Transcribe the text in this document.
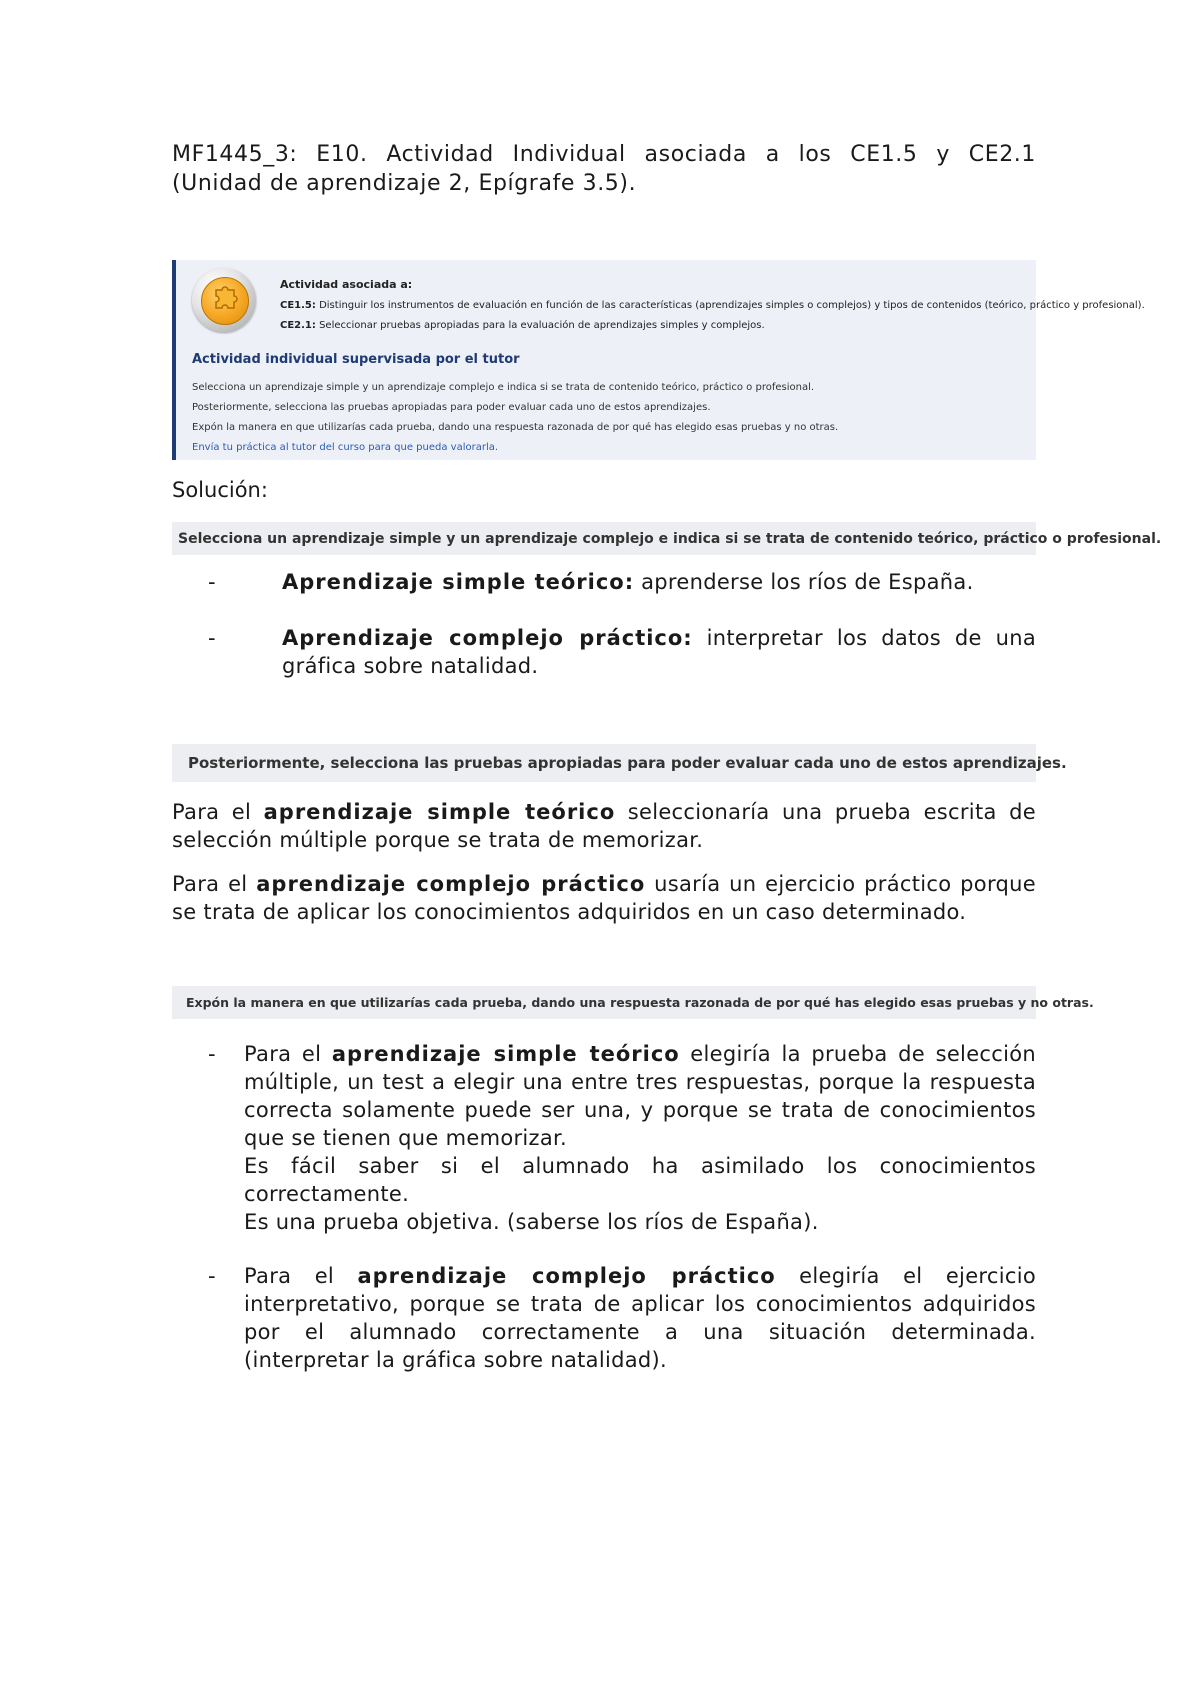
MF1445_3: E10. Actividad Individual asociada a los CE1.5 y CE2.1
(Unidad de aprendizaje 2, Epígrafe 3.5).
Actividad asociada a:
CE1.5: Distinguir los instrumentos de evaluación en función de las características (aprendizajes simples o complejos) y tipos de contenidos (teórico, práctico y profesional).
CE2.1: Seleccionar pruebas apropiadas para la evaluación de aprendizajes simples y complejos.
Actividad individual supervisada por el tutor
Selecciona un aprendizaje simple y un aprendizaje complejo e indica si se trata de contenido teórico, práctico o profesional.
Posteriormente, selecciona las pruebas apropiadas para poder evaluar cada uno de estos aprendizajes.
Expón la manera en que utilizarías cada prueba, dando una respuesta razonada de por qué has elegido esas pruebas y no otras.
Envía tu práctica al tutor del curso para que pueda valorarla.
Solución:
Selecciona un aprendizaje simple y un aprendizaje complejo e indica si se trata de contenido teórico, práctico o profesional.
-	Aprendizaje simple teórico: aprenderse los ríos de España.
-	Aprendizaje complejo práctico: interpretar los datos de una gráfica sobre natalidad.
Posteriormente, selecciona las pruebas apropiadas para poder evaluar cada uno de estos aprendizajes.

Para el aprendizaje simple teórico seleccionaría una prueba escrita de selección múltiple porque se trata de memorizar.

Para el aprendizaje complejo práctico usaría un ejercicio práctico porque se trata de aplicar los conocimientos adquiridos en un caso determinado.

Expón la manera en que utilizarías cada prueba, dando una respuesta razonada de por qué has elegido esas pruebas y no otras.
-	Para el aprendizaje simple teórico elegiría la prueba de selección múltiple, un test a elegir una entre tres respuestas, porque la respuesta correcta solamente puede ser una, y porque se trata de conocimientos que se tienen que memorizar.
Es fácil saber si el alumnado ha asimilado los conocimientos correctamente.
Es una prueba objetiva. (saberse los ríos de España).
-	Para el aprendizaje complejo práctico elegiría el ejercicio interpretativo, porque se trata de aplicar los conocimientos adquiridos por el alumnado correctamente a una situación determinada. (interpretar la gráfica sobre natalidad).
